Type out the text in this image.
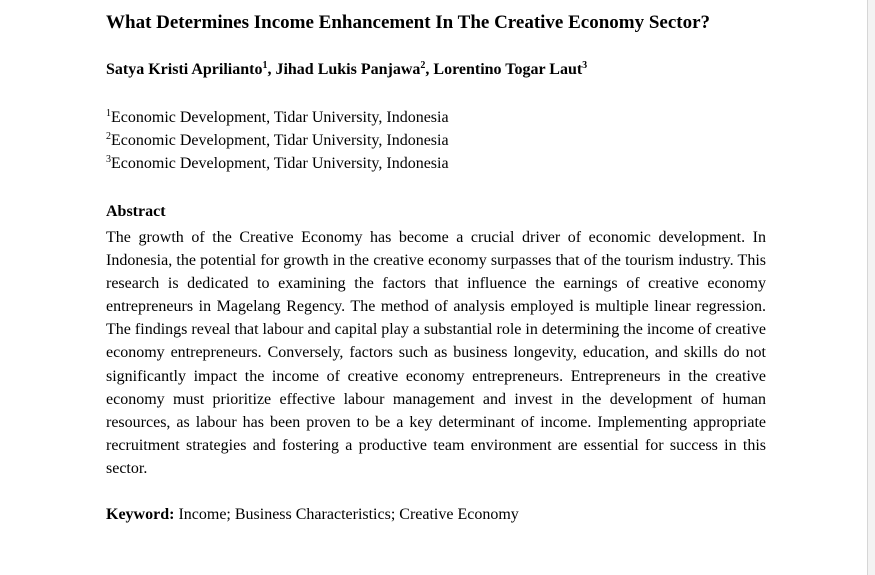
What Determines Income Enhancement In The Creative Economy Sector?
Satya Kristi Aprilianto$^1$, Jihad Lukis Panjawa$^2$, Lorentino Togar Laut$^3$
$^1$Economic Development, Tidar University, Indonesia
$^2$Economic Development, Tidar University, Indonesia
$^3$Economic Development, Tidar University, Indonesia
Abstract
The growth of the Creative Economy has become a crucial driver of economic development. In Indonesia, the potential for growth in the creative economy surpasses that of the tourism industry. This research is dedicated to examining the factors that influence the earnings of creative economy entrepreneurs in Magelang Regency. The method of analysis employed is multiple linear regression. The findings reveal that labour and capital play a substantial role in determining the income of creative economy entrepreneurs. Conversely, factors such as business longevity, education, and skills do not significantly impact the income of creative economy entrepreneurs. Entrepreneurs in the creative economy must prioritize effective labour management and invest in the development of human resources, as labour has been proven to be a key determinant of income. Implementing appropriate recruitment strategies and fostering a productive team environment are essential for success in this sector.
Keyword: Income; Business Characteristics; Creative Economy
